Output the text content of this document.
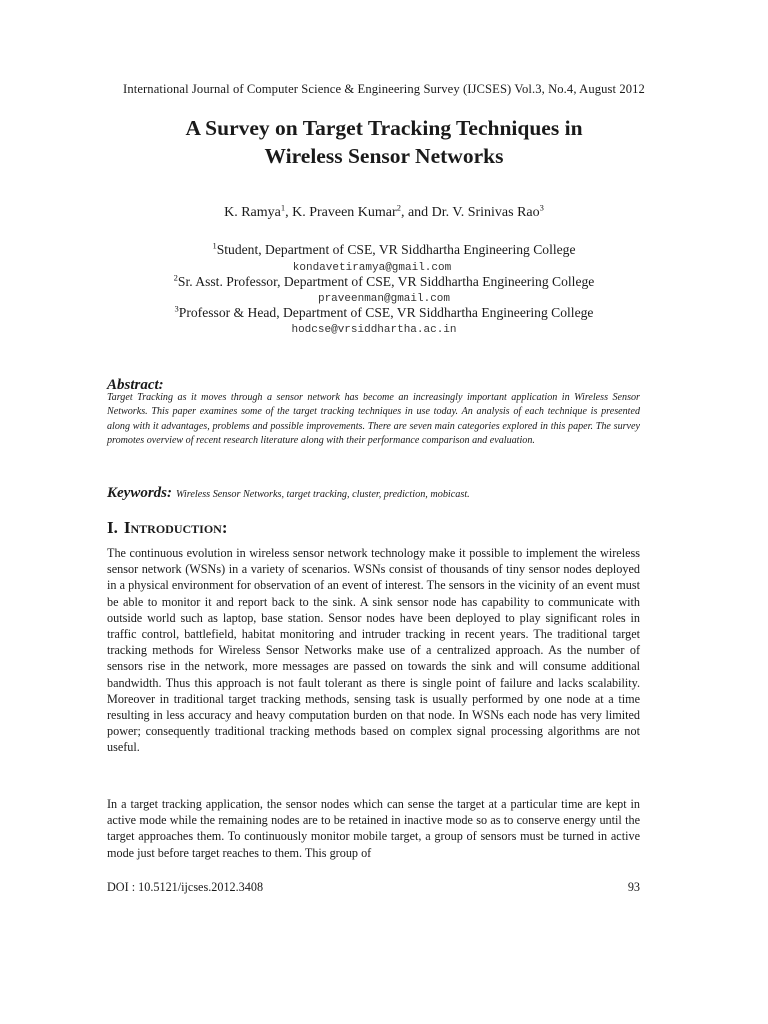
International Journal of Computer Science & Engineering Survey (IJCSES) Vol.3, No.4, August 2012
A Survey on Target Tracking Techniques in
Wireless Sensor Networks
K. Ramya$^1$, K. Praveen Kumar$^2$, and Dr. V. Srinivas Rao$^3$
$^1$Student, Department of CSE, VR Siddhartha Engineering College
kondavetiramya@gmail.com
$^2$Sr. Asst. Professor, Department of CSE, VR Siddhartha Engineering College
praveenman@gmail.com
$^3$Professor & Head, Department of CSE, VR Siddhartha Engineering College
hodcse@vrsiddhartha.ac.in
Abstract:
Target Tracking as it moves through a sensor network has become an increasingly important application in Wireless Sensor Networks. This paper examines some of the target tracking techniques in use today. An analysis of each technique is presented along with it advantages, problems and possible improvements. There are seven main categories explored in this paper. The survey promotes overview of recent research literature along with their performance comparison and evaluation.
Keywords: Wireless Sensor Networks, target tracking, cluster, prediction, mobicast.
I. Introduction:
The continuous evolution in wireless sensor network technology make it possible to implement the wireless sensor network (WSNs) in a variety of scenarios. WSNs consist of thousands of tiny sensor nodes deployed in a physical environment for observation of an event of interest. The sensors in the vicinity of an event must be able to monitor it and report back to the sink. A sink sensor node has capability to communicate with outside world such as laptop, base station. Sensor nodes have been deployed to play significant roles in traffic control, battlefield, habitat monitoring and intruder tracking in recent years. The traditional target tracking methods for Wireless Sensor Networks make use of a centralized approach. As the number of sensors rise in the network, more messages are passed on towards the sink and will consume additional bandwidth. Thus this approach is not fault tolerant as there is single point of failure and lacks scalability. Moreover in traditional target tracking methods, sensing task is usually performed by one node at a time resulting in less accuracy and heavy computation burden on that node. In WSNs each node has very limited power; consequently traditional tracking methods based on complex signal processing algorithms are not useful.
In a target tracking application, the sensor nodes which can sense the target at a particular time are kept in active mode while the remaining nodes are to be retained in inactive mode so as to conserve energy until the target approaches them. To continuously monitor mobile target, a group of sensors must be turned in active mode just before target reaches to them. This group of
DOI : 10.5121/ijcses.2012.3408	93
